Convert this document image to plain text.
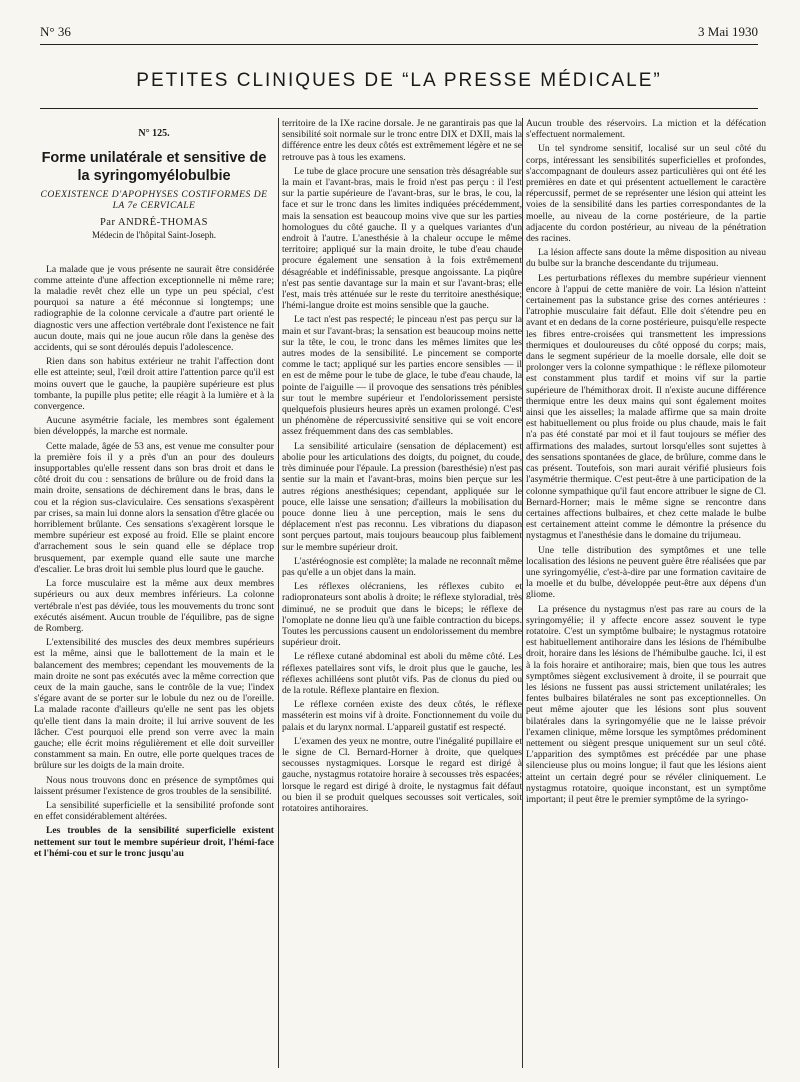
N° 36	3 Mai 1930
PETITES CLINIQUES DE “LA PRESSE MÉDICALE”
N° 125.
Forme unilatérale et sensitive de la syringomyélobulbie
COEXISTENCE D'APOPHYSES COSTIFORMES DE LA 7e CERVICALE
Par ANDRÉ-THOMAS
Médecin de l'hôpital Saint-Joseph.

La malade que je vous présente ne saurait être considérée comme atteinte d'une affection exceptionnelle ni même rare; la maladie revêt chez elle un type un peu spécial, c'est pourquoi sa nature a été méconnue si longtemps; une radiographie de la colonne cervicale a d'autre part orienté le diagnostic vers une affection vertébrale dont l'existence ne fait aucun doute, mais qui ne joue aucun rôle dans la genèse des accidents, qui se sont déroulés depuis l'adolescence.

Rien dans son habitus extérieur ne trahit l'affection dont elle est atteinte; seul, l'œil droit attire l'attention parce qu'il est moins ouvert que le gauche, la paupière supérieure est plus tombante, la pupille plus petite; elle réagit à la lumière et à la convergence.

Aucune asymétrie faciale, les membres sont également bien développés, la marche est normale.

Cette malade, âgée de 53 ans, est venue me consulter pour la première fois il y a près d'un an pour des douleurs insupportables qu'elle ressent dans son bras droit et dans le côté droit du cou : sensations de brûlure ou de froid dans la main droite, sensations de déchirement dans le bras, dans le cou et la région sus-claviculaire. Ces sensations s'exaspèrent par crises, sa main lui donne alors la sensation d'être glacée ou horriblement brûlante. Ces sensations s'exagèrent lorsque le membre supérieur est exposé au froid. Elle se plaint encore d'arrachement sous le sein quand elle se déplace trop brusquement, par exemple quand elle saute une marche d'escalier. Le bras droit lui semble plus lourd que le gauche.

La force musculaire est la même aux deux membres supérieurs ou aux deux membres inférieurs. La colonne vertébrale n'est pas déviée, tous les mouvements du tronc sont exécutés aisément. Aucun trouble de l'équilibre, pas de signe de Romberg.

L'extensibilité des muscles des deux membres supérieurs est la même, ainsi que le ballottement de la main et le balancement des membres; cependant les mouvements de la main droite ne sont pas exécutés avec la même correction que ceux de la main gauche, sans le contrôle de la vue; l'index s'égare avant de se porter sur le lobule du nez ou de l'oreille. La malade raconte d'ailleurs qu'elle ne sent pas les objets qu'elle tient dans la main droite; il lui arrive souvent de les lâcher. C'est pourquoi elle prend son verre avec la main gauche; elle écrit moins régulièrement et elle doit surveiller constamment sa main. En outre, elle porte quelques traces de brûlure sur les doigts de la main droite.

Nous nous trouvons donc en présence de symptômes qui laissent présumer l'existence de gros troubles de la sensibilité.

La sensibilité superficielle et la sensibilité profonde sont en effet considérablement altérées.

Les troubles de la sensibilité superficielle existent nettement sur tout le membre supérieur droit, l'hémi-face et l'hémi-cou et sur le tronc jusqu'au

territoire de la IXe racine dorsale. Je ne garantirais pas que la sensibilité soit normale sur le tronc entre DIX et DXII, mais la différence entre les deux côtés est extrêmement légère et ne se retrouve pas à tous les examens.

Le tube de glace procure une sensation très désagréable sur la main et l'avant-bras, mais le froid n'est pas perçu : il l'est sur la partie supérieure de l'avant-bras, sur le bras, le cou, la face et sur le tronc dans les limites indiquées précédemment, mais la sensation est beaucoup moins vive que sur les parties homologues du côté gauche. Il y a quelques variantes d'un endroit à l'autre. L'anesthésie à la chaleur occupe le même territoire; appliqué sur la main droite, le tube d'eau chaude procure également une sensation à la fois extrêmement désagréable et indéfinissable, presque angoissante. La piqûre n'est pas sentie davantage sur la main et sur l'avant-bras; elle l'est, mais très atténuée sur le reste du territoire anesthésique; l'hémi-langue droite est moins sensible que la gauche.

Le tact n'est pas respecté; le pinceau n'est pas perçu sur la main et sur l'avant-bras; la sensation est beaucoup moins nette sur la tête, le cou, le tronc dans les mêmes limites que les autres modes de la sensibilité. Le pincement se comporte comme le tact; appliqué sur les parties encore sensibles — il en est de même pour le tube de glace, le tube d'eau chaude, la pointe de l'aiguille — il provoque des sensations très pénibles sur tout le membre supérieur et l'endolorissement persiste quelquefois plusieurs heures après un examen prolongé. C'est un phénomène de répercussivité sensitive qui se voit encore assez fréquemment dans des cas semblables.

La sensibilité articulaire (sensation de déplacement) est abolie pour les articulations des doigts, du poignet, du coude, très diminuée pour l'épaule. La pression (baresthésie) n'est pas sentie sur la main et l'avant-bras, moins bien perçue sur les autres régions anesthésiques; cependant, appliquée sur le pouce, elle laisse une sensation; d'ailleurs la mobilisation du pouce donne lieu à une perception, mais le sens du déplacement n'est pas reconnu. Les vibrations du diapason sont perçues partout, mais toujours beaucoup plus faiblement sur le membre supérieur droit.

L'astéréognosie est complète; la malade ne reconnaît même pas qu'elle a un objet dans la main.

Les réflexes olécraniens, les réflexes cubito et radiopronateurs sont abolis à droite; le réflexe styloradial, très diminué, ne se produit que dans le biceps; le réflexe de l'omoplate ne donne lieu qu'à une faible contraction du biceps. Toutes les percussions causent un endolorissement du membre supérieur droit.

Le réflexe cutané abdominal est aboli du même côté. Les réflexes patellaires sont vifs, le droit plus que le gauche, les réflexes achilléens sont plutôt vifs. Pas de clonus du pied ou de la rotule. Réflexe plantaire en flexion.

Le réflexe cornéen existe des deux côtés, le réflexe masséterin est moins vif à droite. Fonctionnement du voile du palais et du larynx normal. L'appareil gustatif est respecté.

L'examen des yeux ne montre, outre l'inégalité pupillaire et le signe de Cl. Bernard-Horner à droite, que quelques secousses nystagmiques. Lorsque le regard est dirigé à gauche, nystagmus rotatoire horaire à secousses très espacées; lorsque le regard est dirigé à droite, le nystagmus fait défaut ou bien il se produit quelques secousses soit verticales, soit rotatoires antihoraires.

Aucun trouble des réservoirs. La miction et la défécation s'effectuent normalement.

Un tel syndrome sensitif, localisé sur un seul côté du corps, intéressant les sensibilités superficielles et profondes, s'accompagnant de douleurs assez particulières qui ont été les premières en date et qui présentent actuellement le caractère répercussif, permet de se représenter une lésion qui atteint les voies de la sensibilité dans les parties correspondantes de la moelle, au niveau de la corne postérieure, de la partie adjacente du cordon postérieur, au niveau de la pénétration des racines.

La lésion affecte sans doute la même disposition au niveau du bulbe sur la branche descendante du trijumeau.

Les perturbations réflexes du membre supérieur viennent encore à l'appui de cette manière de voir. La lésion n'atteint certainement pas la substance grise des cornes antérieures : l'atrophie musculaire fait défaut. Elle doit s'étendre peu en avant et en dedans de la corne postérieure, puisqu'elle respecte les fibres entre-croisées qui transmettent les impressions thermiques et douloureuses du côté opposé du corps; mais, dans le segment supérieur de la moelle dorsale, elle doit se prolonger vers la colonne sympathique : le réflexe pilomoteur est constamment plus tardif et moins vif sur la partie supérieure de l'hémithorax droit. Il n'existe aucune différence thermique entre les deux mains qui sont également moites ainsi que les aisselles; la malade affirme que sa main droite est habituellement ou plus froide ou plus chaude, mais le fait n'a pas été constaté par moi et il faut toujours se méfier des affirmations des malades, surtout lorsqu'elles sont sujettes à des sensations spontanées de glace, de brûlure, comme dans le cas présent. Toutefois, son mari aurait vérifié plusieurs fois l'asymétrie thermique. C'est peut-être à une participation de la colonne sympathique qu'il faut encore attribuer le signe de Cl. Bernard-Horner; mais le même signe se rencontre dans certaines affections bulbaires, et chez cette malade le bulbe est certainement atteint comme le démontre la présence du nystagmus et l'anesthésie dans le domaine du trijumeau.

Une telle distribution des symptômes et une telle localisation des lésions ne peuvent guère être réalisées que par une syringomyélie, c'est-à-dire par une formation cavitaire de la moelle et du bulbe, développée peut-être aux dépens d'un gliome.

La présence du nystagmus n'est pas rare au cours de la syringomyélie; il y affecte encore assez souvent le type rotatoire. C'est un symptôme bulbaire; le nystagmus rotatoire est habituellement antihoraire dans les lésions de l'hémibulbe droit, horaire dans les lésions de l'hémibulbe gauche. Ici, il est à la fois horaire et antihoraire; mais, bien que tous les autres symptômes siègent exclusivement à droite, il se pourrait que les lésions ne fussent pas aussi strictement unilatérales; les fentes bulbaires bilatérales ne sont pas exceptionnelles. On peut même ajouter que les lésions sont plus souvent bilatérales dans la syringomyélie que ne le laisse prévoir l'examen clinique, même lorsque les symptômes prédominent nettement ou siègent presque uniquement sur un seul côté. L'apparition des symptômes est précédée par une phase silencieuse plus ou moins longue; il faut que les lésions aient atteint un certain degré pour se révéler cliniquement. Le nystagmus rotatoire, quoique inconstant, est un symptôme important; il peut être le premier symptôme de la syringo-
